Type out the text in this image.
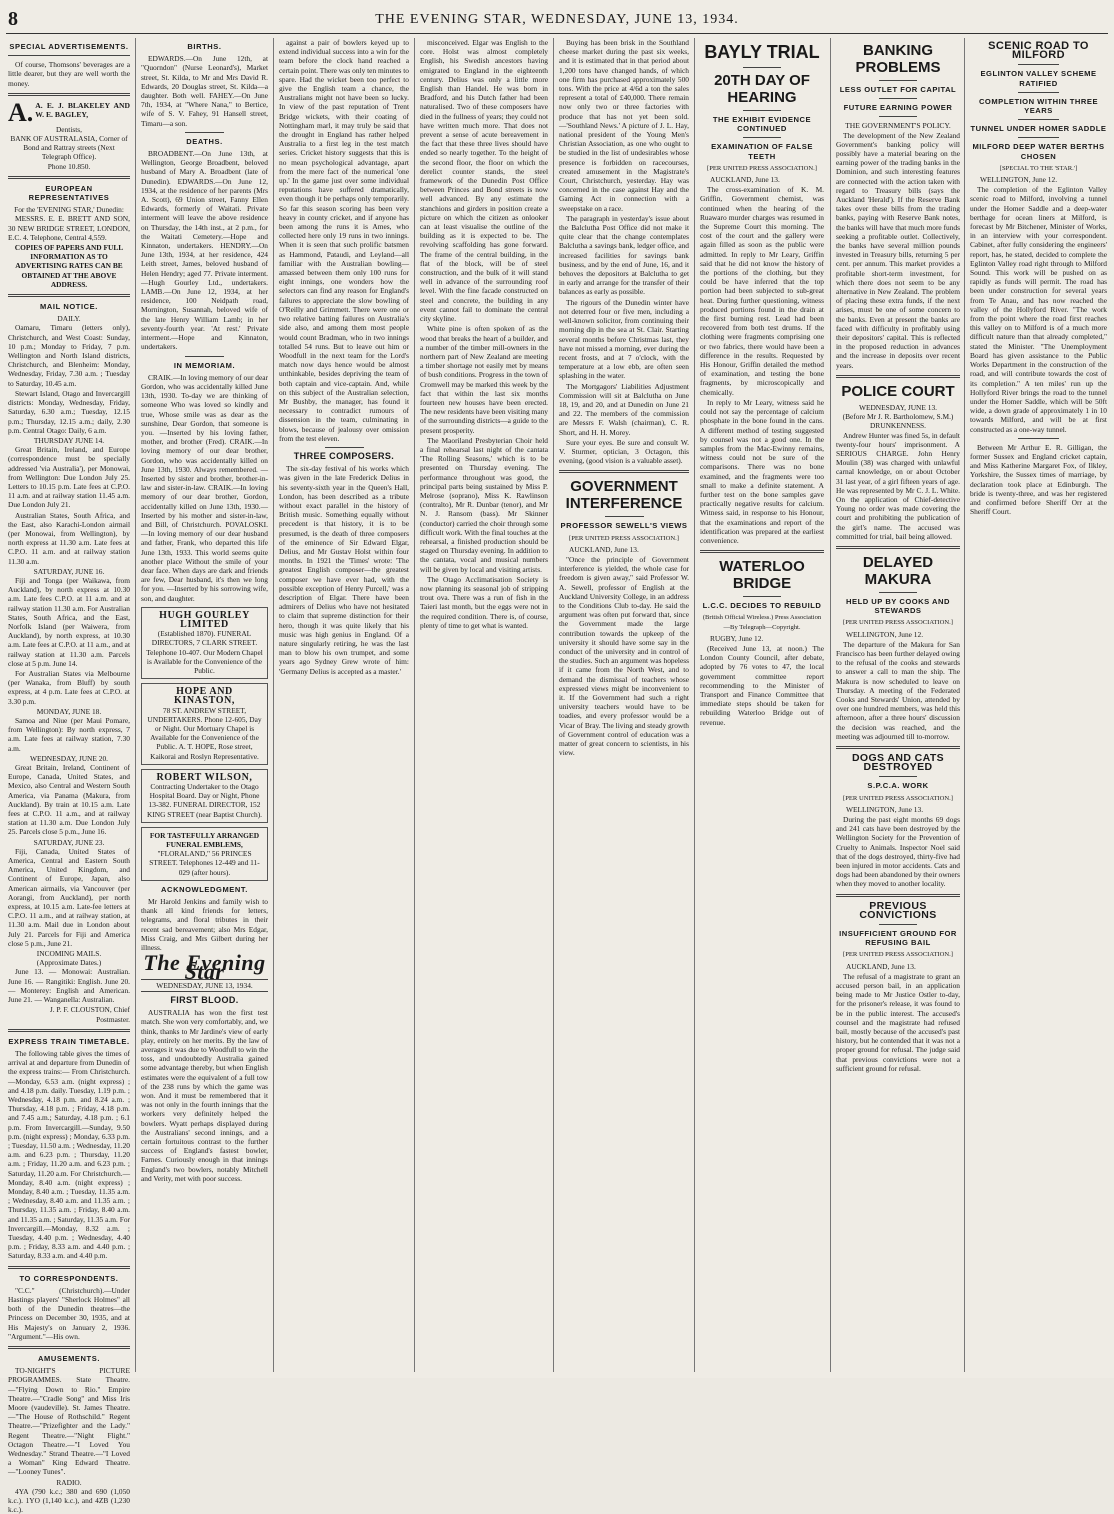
8	THE EVENING STAR, WEDNESDAY, JUNE 13, 1934.
SPECIAL ADVERTISEMENTS.

Of course, Thomsons' beverages are a little dearer, but they are well worth the money.

A. A. E. J. BLAKELEY AND W. E. BAGLEY,
Dentists,
BANK OF AUSTRALASIA, Corner of Bond and Rattray streets (Next Telegraph Office).
Phone 10.850.
EUROPEAN REPRESENTATIVES
For the 'EVENING STAR,' Dunedin:

MESSRS. E. E. BRETT AND SON, 30 NEW BRIDGE STREET, LONDON, E.C. 4. Telephone, Central 4,559.

COPIES OF PAPERS AND FULL INFORMATION AS TO ADVERTISING RATES CAN BE OBTAINED AT THE ABOVE ADDRESS.

MAIL NOTICE.
DAILY.

Oamaru, Timaru (letters only), Christchurch, and West Coast: Sunday, 10 p.m.; Monday to Friday, 7 p.m. Wellington and North Island districts, Christchurch, and Blenheim: Monday, Wednesday, Friday, 7.30 a.m. ; Tuesday to Saturday, 10.45 a.m.

Stewart Island, Otago and Invercargill districts: Monday, Wednesday, Friday, Saturday, 6.30 a.m.; Tuesday, 12.15 p.m.; Thursday, 12.15 a.m.; daily, 2.30 p.m. Central Otago: Daily, 6 a.m.

THURSDAY JUNE 14.

Great Britain, Ireland, and Europe (correspondence must be specially addressed 'via Australia'), per Monowai, from Wellington: Due London July 25. Letters to 10.15 p.m. Late fees at C.P.O. 11 a.m. and at railway station 11.45 a.m. Due London July 21.

Australian States, South Africa, and the East, also Karachi-London airmail (per Monowai, from Wellington), by north express at 11.30 a.m. Late fees at C.P.O. 11 a.m. and at railway station 11.30 a.m.

SATURDAY, JUNE 16.

Fiji and Tonga (per Waikawa, from Auckland), by north express at 10.30 a.m. Late fees C.P.O. at 11 a.m. and at railway station 11.30 a.m. For Australian States, South Africa, and the East, Norfolk Island (per Waiwera, from Auckland), by north express, at 10.30 a.m. Late fees at C.P.O. at 11 a.m., and at railway station at 11.30 a.m. Parcels close at 5 p.m. June 14.

For Australian States via Melbourne (per Wanaka, from Bluff) by south express, at 4 p.m. Late fees at C.P.O. at 3.30 p.m.

MONDAY, JUNE 18.

Samoa and Niue (per Maui Pomare, from Wellington): By north express, 7 a.m. Late fees at railway station, 7.30 a.m.

WEDNESDAY, JUNE 20.

Great Britain, Ireland, Continent of Europe, Canada, United States, and Mexico, also Central and Western South America, via Panama (Makura, from Auckland). By train at 10.15 a.m. Late fees at C.P.O. 11 a.m., and at railway station at 11.30 a.m. Due London July 25. Parcels close 5 p.m., June 16.

SATURDAY, JUNE 23.

Fiji, Canada, United States of America, Central and Eastern South America, United Kingdom, and Continent of Europe, Japan, also American airmails, via Vancouver (per Aorangi, from Auckland), per north express, at 10.15 a.m. Late-fee letters at C.P.O. 11 a.m., and at railway station, at 11.30 a.m. Mail due in London about July 21. Parcels for Fiji and America close 5 p.m., June 21.

INCOMING MAILS.
(Approximate Dates.)

June 13. — Monowai: Australian. June 16. — Rangitiki: English. June 20. — Monterey: English and American. June 21. — Wanganella: Australian.

J. P. F. CLOUSTON, Chief Postmaster.

EXPRESS TRAIN TIMETABLE.

The following table gives the times of arrival at and departure from Dunedin of the express trains:— From Christchurch.—Monday, 6.53 a.m. (night express) ; and 4.18 p.m. daily. Tuesday, 1.19 p.m. ; Wednesday, 4.18 p.m. and 8.24 a.m. ; Thursday, 4.18 p.m. ; Friday, 4.18 p.m. and 7.45 a.m.; Saturday, 4.18 p.m. ; 6.1 p.m. From Invercargill.—Sunday, 9.50 p.m. (night express) ; Monday, 6.33 p.m. ; Tuesday, 11.50 a.m. ; Wednesday, 11.20 a.m. and 6.23 p.m. ; Thursday, 11.20 a.m. ; Friday, 11.20 a.m. and 6.23 p.m. ; Saturday, 11.20 a.m. For Christchurch.—Monday, 8.40 a.m. (night express) ; Monday, 8.40 a.m. ; Tuesday, 11.35 a.m. ; Wednesday, 8.40 a.m. and 11.35 a.m. ; Thursday, 11.35 a.m. ; Friday, 8.40 a.m. and 11.35 a.m. ; Saturday, 11.35 a.m. For Invercargill.—Monday, 8.32 a.m. ; Tuesday, 4.40 p.m. ; Wednesday, 4.40 p.m. ; Friday, 8.33 a.m. and 4.40 p.m. ; Saturday, 8.33 a.m. and 4.40 p.m.

TO CORRESPONDENTS.

"C.C." (Christchurch).—Under Hastings players' "Sherlock Holmes" all both of the Dunedin theatres—the Princess on December 30, 1935, and at His Majesty's on January 2, 1936. "Argument."—His own.

AMUSEMENTS.

TO-NIGHT'S PICTURE PROGRAMMES. State Theatre.—"Flying Down to Rio." Empire Theatre.—"Cradle Song" and Miss Iris Moore (vaudeville). St. James Theatre.—"The House of Rothschild." Regent Theatre.—"Prizefighter and the Lady." Regent Theatre.—"Night Flight." Octagon Theatre.—"I Loved You Wednesday." Strand Theatre.—"I Loved a Woman" King Edward Theatre.—"Looney Tunes".

RADIO.

4YA (790 k.c.; 380 and 690 (1,050 k.c.). 1YO (1,140 k.c.), and 4ZB (1,230 k.c.).

BIRTHS.

EDWARDS.—On June 12th, at "Quorndon" (Nurse Leonard's), Market street, St. Kilda, to Mr and Mrs David R. Edwards, 20 Douglas street, St. Kilda—a daughter. Both well. FAHEY.—On June 7th, 1934, at "Where Nana," to Bertice, wife of S. V. Fahey, 91 Hansell street, Timaru—a son.

DEATHS.

BROADBENT.—On June 13th, at Wellington, George Broadbent, beloved husband of Mary A. Broadbent (late of Dunedin). EDWARDS.—On June 12, 1934, at the residence of her parents (Mrs A. Scott), 69 Union street, Fanny Ellen Edwards, formerly of Waitati. Private interment will leave the above residence on Thursday, the 14th inst., at 2 p.m., for the Waitati Cemetery.—Hope and Kinnaton, undertakers. HENDRY.—On June 13th, 1934, at her residence, 424 Leith street, James, beloved husband of Helen Hendry; aged 77. Private interment.—Hugh Gourley Ltd., undertakers. LAMB.—On June 12, 1934, at her residence, 100 Neidpath road, Mornington, Susannah, beloved wife of the late Henry William Lamb; in her seventy-fourth year. 'At rest.' Private interment.—Hope and Kinnaton, undertakers.

IN MEMORIAM.

CRAIK.—In loving memory of our dear Gordon, who was accidentally killed June 13th, 1930. To-day we are thinking of someone Who was loved so kindly and true, Whose smile was as dear as the sunshine, Dear Gordon, that someone is you. —Inserted by his loving father, mother, and brother (Fred). CRAIK.—In loving memory of our dear brother, Gordon, who was accidentally killed on June 13th, 1930. Always remembered. —Inserted by sister and brother, brother-in-law and sister-in-law. CRAIK.—In loving memory of our dear brother, Gordon, accidentally killed on June 13th, 1930.—Inserted by his mother and sister-in-law, and Bill, of Christchurch. POVALOSKI.—In loving memory of our dear husband and father, Frank, who departed this life June 13th, 1933. This world seems quite another place Without the smile of your dear face. When days are dark and friends are few, Dear husband, it's then we long for you. —Inserted by his sorrowing wife, son, and daughter.

HUGH GOURLEY LIMITED
(Established 1870). FUNERAL DIRECTORS, 7 CLARK STREET. Telephone 10-407. Our Modern Chapel is Available for the Convenience of the Public.
HOPE AND KINASTON,
78 ST. ANDREW STREET, UNDERTAKERS. Phone 12-605, Day or Night. Our Mortuary Chapel is Available for the Convenience of the Public. A. T. HOPE, Rose street, Kaikorai and Roslyn Representative.
ROBERT WILSON,
Contracting Undertaker to the Otago Hospital Board. Day or Night, Phone 13-382. FUNERAL DIRECTOR, 152 KING STREET (near Baptist Church).
FOR TASTEFULLY ARRANGED FUNERAL EMBLEMS,
"FLORALAND," 56 PRINCES STREET. Telephones 12-449 and 11-029 (after hours).
ACKNOWLEDGMENT.

Mr Harold Jenkins and family wish to thank all kind friends for letters, telegrams, and floral tributes in their recent sad bereavement; also Mrs Edgar, Miss Craig, and Mrs Gilbert during her illness.

The Evening Star
WEDNESDAY, JUNE 13, 1934.
FIRST BLOOD.

AUSTRALIA has won the first test match. She won very comfortably, and, we think, thanks to Mr Jardine's view of early play, entirely on her merits. By the law of averages it was due to Woodfull to win the toss, and undoubtedly Australia gained some advantage thereby, but when English estimates were the equivalent of a full tow of the 238 runs by which the game was won. And it must be remembered that it was not only in the fourth innings that the workers very definitely helped the bowlers. Wyatt perhaps displayed during the Australians' second innings, and a certain fortuitous contrast to the further success of England's fastest bowler, Farnes. Curiously enough in that innings England's two bowlers, notably Mitchell and Verity, met with poor success.

against a pair of bowlers keyed up to extend individual success into a win for the team before the clock hand reached a certain point. There was only ten minutes to spare. Had the wicket been too perfect to give the English team a chance, the Australians might not have been so lucky. In view of the past reputation of Trent Bridge wickets, with their coating of Nottingham marl, it may truly be said that the drought in England has rather helped Australia to a first leg in the test match series. Cricket history suggests that this is no mean psychological advantage, apart from the mere fact of the numerical 'one up.' In the game just over some individual reputations have suffered dramatically, even though it be perhaps only temporarily. So far this season scoring has been very heavy in county cricket, and if anyone has been among the runs it is Ames, who collected here only 19 runs in two innings. When it is seen that such prolific batsmen as Hammond, Pataudi, and Leyland—all familiar with the Australian bowling—amassed between them only 100 runs for eight innings, one wonders how the selectors can find any reason for England's failures to appreciate the slow bowling of O'Reilly and Grimmett. There were one or two relative batting failures on Australia's side also, and among them most people would count Bradman, who in two innings totalled 54 runs. But to leave out him or Woodfull in the next team for the Lord's match now days hence would be almost unthinkable, besides depriving the team of both captain and vice-captain. And, while on this subject of the Australian selection, Mr Bushby, the manager, has found it necessary to contradict rumours of dissension in the team, culminating in blows, because of jealousy over omission from the test eleven.

THREE COMPOSERS.

The six-day festival of his works which was given in the late Frederick Delius in his seventy-sixth year in the Queen's Hall, London, has been described as a tribute without exact parallel in the history of British music. Something equally without precedent is that history, it is to be presumed, is the death of three composers of the eminence of Sir Edward Elgar, Delius, and Mr Gustav Holst within four months. In 1921 the 'Times' wrote: 'The greatest English composer—the greatest composer we have ever had, with the possible exception of Henry Purcell,' was a description of Elgar. There have been admirers of Delius who have not hesitated to claim that supreme distinction for their hero, though it was quite likely that his music was high genius in England. Of a nature singularly retiring, he was the last man to blow his own trumpet, and some years ago Sydney Grew wrote of him: 'Germany Delius is accepted as a master.'

misconceived. Elgar was English to the core. Holst was almost completely English, his Swedish ancestors having emigrated to England in the eighteenth century. Delius was only a little more English than Handel. He was born in Bradford, and his Dutch father had been naturalised. Two of these composers have died in the fullness of years; they could not have written much more. That does not prevent a sense of acute bereavement in the fact that these three lives should have ended so nearly together. To the height of the second floor, the floor on which the derelict counter stands, the steel framework of the Dunedin Post Office between Princes and Bond streets is now well advanced. By any estimate the stanchions and girders in position create a picture on which the citizen as onlooker can at least visualise the outline of the building as it is expected to be. The revolving scaffolding has gone forward. The frame of the central building, in the flat of the block, will be of steel construction, and the bulk of it will stand well in advance of the surrounding roof level. With the fine facade constructed on steel and concrete, the building in any event cannot fail to dominate the central city skyline.

White pine is often spoken of as the wood that breaks the heart of a builder, and a number of the timber mill-owners in the northern part of New Zealand are meeting a timber shortage not easily met by means of bush conditions. Progress in the town of Cromwell may be marked this week by the fact that within the last six months fourteen new houses have been erected. The new residents have been visiting many of the surrounding districts—a guide to the present prosperity.

The Maoriland Presbyterian Choir held a final rehearsal last night of the cantata 'The Rolling Seasons,' which is to be presented on Thursday evening. The performance throughout was good, the principal parts being sustained by Miss P. Melrose (soprano), Miss K. Rawlinson (contralto), Mr R. Dunbar (tenor), and Mr N. J. Ransom (bass). Mr Skinner (conductor) carried the choir through some difficult work. With the final touches at the rehearsal, a finished production should be staged on Thursday evening. In addition to the cantata, vocal and musical numbers will be given by local and visiting artists.

The Otago Acclimatisation Society is now planning its seasonal job of stripping trout ova. There was a run of fish in the Taieri last month, but the eggs were not in the required condition. There is, of course, plenty of time to get what is wanted.

Buying has been brisk in the Southland cheese market during the past six weeks, and it is estimated that in that period about 1,200 tons have changed hands, of which one firm has purchased approximately 500 tons. With the price at 4/6d a ton the sales represent a total of £40,000. There remain now only two or three factories with produce that has not yet been sold.—'Southland News.' A picture of J. L. Hay, national president of the Young Men's Christian Association, as one who ought to be studied in the list of undesirables whose presence is forbidden on racecourses, created amusement in the Magistrate's Court, Christchurch, yesterday. Hay was concerned in the case against Hay and the Gaming Act in connection with a sweepstake on a race.

The paragraph in yesterday's issue about the Balclutha Post Office did not make it quite clear that the change contemplates Balclutha a savings bank, ledger office, and increased facilities for savings bank business, and by the end of June, 16, and it behoves the depositors at Balclutha to get in early and arrange for the transfer of their balances as early as possible.

The rigours of the Dunedin winter have not deterred four or five men, including a well-known solicitor, from continuing their morning dip in the sea at St. Clair. Starting several months before Christmas last, they have not missed a morning, ever during the recent frosts, and at 7 o'clock, with the temperature at a low ebb, are often seen splashing in the water.

The Mortgagors' Liabilities Adjustment Commission will sit at Balclutha on June 18, 19, and 20, and at Dunedin on June 21 and 22. The members of the commission are Messrs F. Walsh (chairman), C. R. Short, and H. H. Morey.

Sure your eyes. Be sure and consult W. V. Sturmer, optician, 3 Octagon, this evening, (good vision is a valuable asset).

GOVERNMENT INTERFERENCE
PROFESSOR SEWELL'S VIEWS
[PER UNITED PRESS ASSOCIATION.]

AUCKLAND, June 13.

"Once the principle of Government interference is yielded, the whole case for freedom is given away," said Professor W. A. Sewell, professor of English at the Auckland University College, in an address to the Conditions Club to-day. He said the argument was often put forward that, since the Government made the large contribution towards the upkeep of the university it should have some say in the conduct of the university and in control of the studies. Such an argument was hopeless if it came from the North West, and to demand the dismissal of teachers whose expressed views might be inconvenient to it. If the Government had such a right university teachers would have to be toadies, and every professor would be a Vicar of Bray. The living and steady growth of Government control of education was a matter of great concern to scientists, in his view.

BAYLY TRIAL
20TH DAY OF HEARING
THE EXHIBIT EVIDENCE CONTINUED
EXAMINATION OF FALSE TEETH
[PER UNITED PRESS ASSOCIATION.]

AUCKLAND, June 13.

The cross-examination of K. M. Griffin, Government chemist, was continued when the hearing of the Ruawaro murder charges was resumed in the Supreme Court this morning. The cost of the court and the gallery were again filled as soon as the public were admitted. In reply to Mr Leary, Griffin said that he did not know the history of the portions of the clothing, but they could be have inferred that the top portion had been subjected to sub-great heat. During further questioning, witness produced portions found in the drain at the first burning rest. Lead had been recovered from both test drums. If the clothing were fragments comprising one or two fabrics, there would have been a difference in the results. Requested by His Honour, Griffin detailed the method of examination, and testing the bone fragments, by microscopically and chemically.

In reply to Mr Leary, witness said he could not say the percentage of calcium phosphate in the bone found in the cans. A different method of testing suggested by counsel was not a good one. In the samples from the Mac-Ewinny remains, witness could not be sure of the comparisons. There was no bone examined, and the fragments were too small to make a definite statement. A further test on the bone samples gave practically negative results for calcium. Witness said, in response to his Honour, that the examinations and report of the identification was prepared at the earliest convenience.

WATERLOO BRIDGE
L.C.C. DECIDES TO REBUILD
(British Official Wireless.) Press Association—By Telegraph—Copyright.

RUGBY, June 12.

(Received June 13, at noon.) The London County Council, after debate, adopted by 76 votes to 47, the local government committee report recommending to the Minister of Transport and Finance Committee that immediate steps should be taken for rebuilding Waterloo Bridge out of revenue.

BANKING PROBLEMS
LESS OUTLET FOR CAPITAL
FUTURE EARNING POWER
THE GOVERNMENT'S POLICY.

The development of the New Zealand Government's banking policy will possibly have a material bearing on the earning power of the trading banks in the Dominion, and such interesting features are connected with the action taken with regard to Treasury bills (says the Auckland 'Herald'). If the Reserve Bank takes over these bills from the trading banks, paying with Reserve Bank notes, the banks will have that much more funds seeking a profitable outlet. Collectively, the banks have several million pounds invested in Treasury bills, returning 5 per cent. per annum. This market provides a profitable short-term investment, for which there does not seem to be any alternative in New Zealand. The problem of placing these extra funds, if the next arises, must be one of some concern to the banks. Even at present the banks are faced with difficulty in profitably using their depositors' capital. This is reflected in the proposed reduction in advances and the increase in deposits over recent years.

POLICE COURT
WEDNESDAY, JUNE 13.
(Before Mr J. R. Bartholomew, S.M.)
DRUNKENNESS.

Andrew Hunter was fined 5s, in default twenty-four hours' imprisonment. A SERIOUS CHARGE. John Henry Moulin (38) was charged with unlawful carnal knowledge, on or about October 31 last year, of a girl fifteen years of age. He was represented by Mr C. J. L. White. On the application of Chief-detective Young no order was made covering the court and prohibiting the publication of the girl's name. The accused was committed for trial, bail being allowed.

DELAYED MAKURA
HELD UP BY COOKS AND STEWARDS
[PER UNITED PRESS ASSOCIATION.]

WELLINGTON, June 12.

The departure of the Makura for San Francisco has been further delayed owing to the refusal of the cooks and stewards to answer a call to man the ship. The Makura is now scheduled to leave on Thursday. A meeting of the Federated Cooks and Stewards' Union, attended by over one hundred members, was held this afternoon, after a three hours' discussion the decision was reached, and the meeting was adjourned till to-morrow.

DOGS AND CATS DESTROYED
S.P.C.A. WORK
[PER UNITED PRESS ASSOCIATION.]

WELLINGTON, June 13.

During the past eight months 69 dogs and 241 cats have been destroyed by the Wellington Society for the Prevention of Cruelty to Animals. Inspector Noel said that of the dogs destroyed, thirty-five had been injured in motor accidents. Cats and dogs had been abandoned by their owners when they moved to another locality.

PREVIOUS CONVICTIONS
INSUFFICIENT GROUND FOR REFUSING BAIL
[PER UNITED PRESS ASSOCIATION.]

AUCKLAND, June 13.

The refusal of a magistrate to grant an accused person bail, in an application being made to Mr Justice Ostler to-day, for the prisoner's release, it was found to be in the public interest. The accused's counsel and the magistrate had refused bail, mostly because of the accused's past history, but he contended that it was not a proper ground for refusal. The judge said that previous convictions were not a sufficient ground for refusal.

SCENIC ROAD TO MILFORD
EGLINTON VALLEY SCHEME RATIFIED
COMPLETION WITHIN THREE YEARS
TUNNEL UNDER HOMER SADDLE
MILFORD DEEP WATER BERTHS CHOSEN
[SPECIAL TO THE 'STAR.']

WELLINGTON, June 12.

The completion of the Eglinton Valley scenic road to Milford, involving a tunnel under the Homer Saddle and a deep-water berthage for ocean liners at Milford, is forecast by Mr Bitchener, Minister of Works, in an interview with your correspondent. Cabinet, after fully considering the engineers' report, has, he stated, decided to complete the Eglinton Valley road right through to Milford Sound. This work will be pushed on as rapidly as funds will permit. The road has been under construction for several years from Te Anau, and has now reached the valley of the Hollyford River. "The work from the point where the road first reaches this valley on to Milford is of a much more difficult nature than that already completed," stated the Minister. "The Unemployment Board has given assistance to the Public Works Department in the construction of the road, and will contribute towards the cost of its completion." A ten miles' run up the Hollyford River brings the road to the tunnel under the Homer Saddle, which will be 50ft wide, a down grade of approximately 1 in 10 towards Milford, and will be at first constructed as a one-way tunnel.

Between Mr Arthur E. R. Gilligan, the former Sussex and England cricket captain, and Miss Katherine Margaret Fox, of Ilkley, Yorkshire, the Sussex times of marriage, by declaration took place at Edinburgh. The bride is twenty-three, and was her registered and confirmed before Sheriff Orr at the Sheriff Court.
